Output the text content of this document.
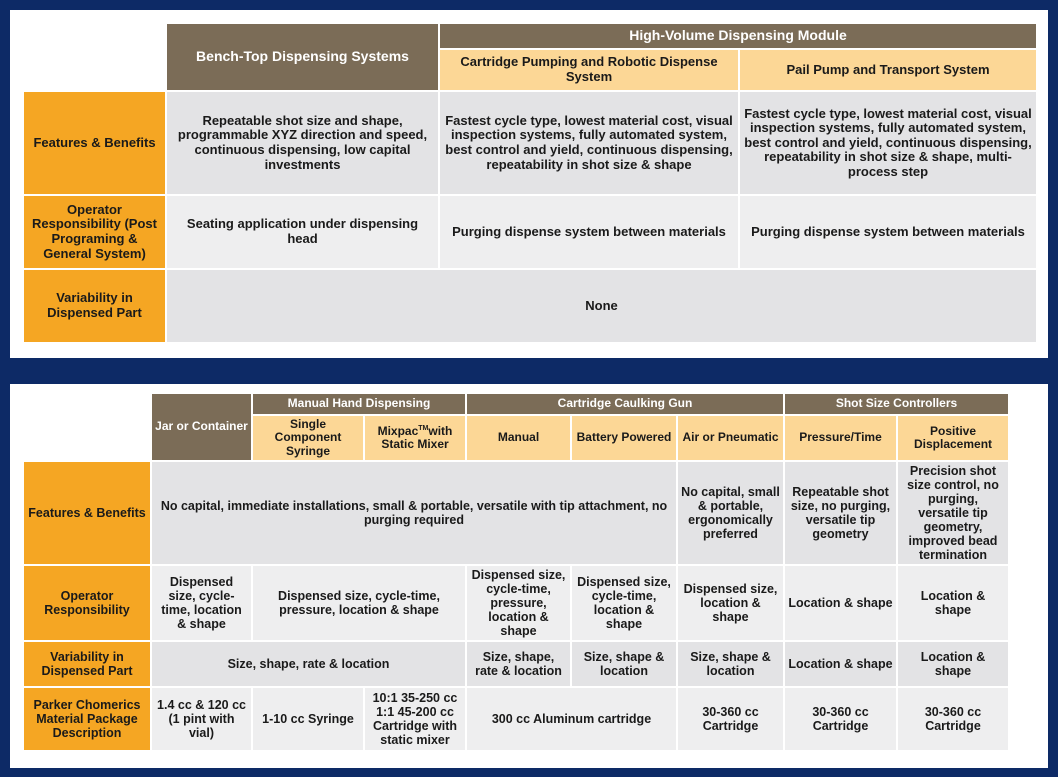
	Bench-Top Dispensing Systems	High-Volume Dispensing Module	
		Cartridge Pumping and Robotic Dispense System	Pail Pump and Transport System
Features & Benefits	Repeatable shot size and shape, programmable XYZ direction and speed, continuous dispensing, low capital investments	Fastest cycle type, lowest material cost, visual inspection systems, fully automated system, best control and yield, continuous dispensing, repeatability in shot size & shape	Fastest cycle type, lowest material cost, visual inspection systems, fully automated system, best control and yield, continuous dispensing, repeatability in shot size & shape, multi-process step
Operator Responsibility (Post Programing & General System)	Seating application under dispensing head	Purging dispense system between materials	Purging dispense system between materials
Variability in Dispensed Part	None		
	Jar or Container	Manual Hand Dispensing		Cartridge Caulking Gun			Shot Size Controllers	
		Single Component Syringe	Mixpac™with Static Mixer	Manual	Battery Powered	Air or Pneumatic	Pressure/Time	Positive Displacement
Features & Benefits	No capital, immediate installations, small & portable, versatile with tip attachment, no purging required					No capital, small & portable, ergonomically preferred	Repeatable shot size, no purging, versatile tip geometry	Precision shot size control, no purging, versatile tip geometry, improved bead termination
Operator Responsibility	Dispensed size, cycle-time, location & shape	Dispensed size, cycle-time, pressure, location & shape		Dispensed size, cycle-time, pressure, location & shape	Dispensed size, cycle-time, location & shape	Dispensed size, location & shape	Location & shape	Location & shape
Variability in Dispensed Part	Size, shape, rate & location			Size, shape, rate & location	Size, shape & location	Size, shape & location	Location & shape	Location & shape
Parker Chomerics Material Package Description	1.4 cc & 120 cc (1 pint with vial)	1-10 cc Syringe	10:1 35-250 cc 1:1 45-200 cc Cartridge with static mixer	300 cc Aluminum cartridge		30-360 cc Cartridge	30-360 cc Cartridge	30-360 cc Cartridge
